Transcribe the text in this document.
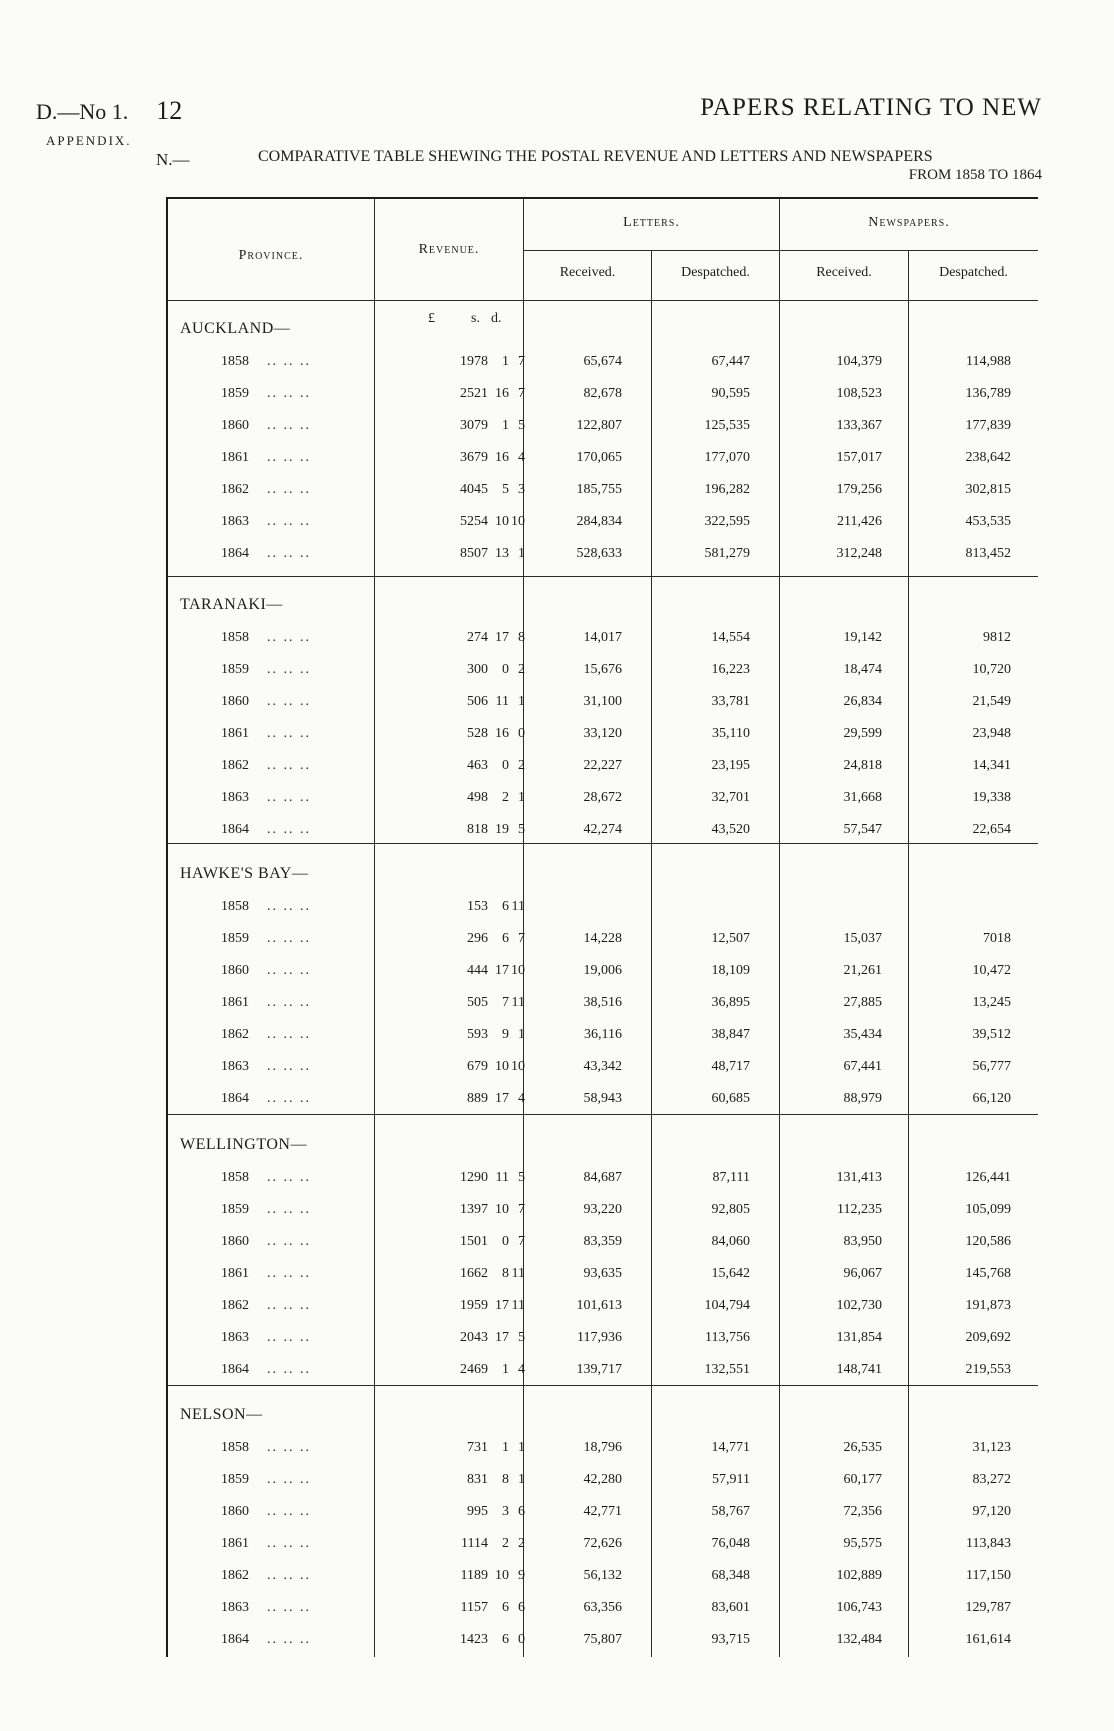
D.—No 1. 12
APPENDIX.
PAPERS RELATING TO NEW
N.—	COMPARATIVE TABLE SHEWING THE POSTAL REVENUE AND LETTERS AND NEWSPAPERS
FROM 1858 TO 1864
Province.	Revenue.
Letters.	Newspapers.
Received.	Despatched.	Received.	Despatched.
£	s. d.
AUCKLAND—
1858 .. .. ..	1978 1 7	65,674	67,447	104,379	114,988
1859 .. .. ..	2521 16 7	82,678	90,595	108,523	136,789
1860 .. .. ..	3079 1 5	122,807	125,535	133,367	177,839
1861 .. .. ..	3679 16 4	170,065	177,070	157,017	238,642
1862 .. .. ..	4045 5 3	185,755	196,282	179,256	302,815
1863 .. .. ..	5254 10 10	284,834	322,595	211,426	453,535
1864 .. .. ..	8507 13 1	528,633	581,279	312,248	813,452
TARANAKI—
1858 .. .. ..	274 17 8	14,017	14,554	19,142	9812
1859 .. .. ..	300 0 2	15,676	16,223	18,474	10,720
1860 .. .. ..	506 11 1	31,100	33,781	26,834	21,549
1861 .. .. ..	528 16 0	33,120	35,110	29,599	23,948
1862 .. .. ..	463 0 2	22,227	23,195	24,818	14,341
1863 .. .. ..	498 2 1	28,672	32,701	31,668	19,338
1864 .. .. ..	818 19 5	42,274	43,520	57,547	22,654
HAWKE'S BAY—
1858 .. .. ..	153 6 11
1859 .. .. ..	296 6 7	14,228	12,507	15,037	7018
1860 .. .. ..	444 17 10	19,006	18,109	21,261	10,472
1861 .. .. ..	505 7 11	38,516	36,895	27,885	13,245
1862 .. .. ..	593 9 1	36,116	38,847	35,434	39,512
1863 .. .. ..	679 10 10	43,342	48,717	67,441	56,777
1864 .. .. ..	889 17 4	58,943	60,685	88,979	66,120
WELLINGTON—
1858 .. .. ..	1290 11 5	84,687	87,111	131,413	126,441
1859 .. .. ..	1397 10 7	93,220	92,805	112,235	105,099
1860 .. .. ..	1501 0 7	83,359	84,060	83,950	120,586
1861 .. .. ..	1662 8 11	93,635	15,642	96,067	145,768
1862 .. .. ..	1959 17 11	101,613	104,794	102,730	191,873
1863 .. .. ..	2043 17 5	117,936	113,756	131,854	209,692
1864 .. .. ..	2469 1 4	139,717	132,551	148,741	219,553
NELSON—
1858 .. .. ..	731 1 1	18,796	14,771	26,535	31,123
1859 .. .. ..	831 8 1	42,280	57,911	60,177	83,272
1860 .. .. ..	995 3 6	42,771	58,767	72,356	97,120
1861 .. .. ..	1114 2 2	72,626	76,048	95,575	113,843
1862 .. .. ..	1189 10 9	56,132	68,348	102,889	117,150
1863 .. .. ..	1157 6 6	63,356	83,601	106,743	129,787
1864 .. .. ..	1423 6 0	75,807	93,715	132,484	161,614
